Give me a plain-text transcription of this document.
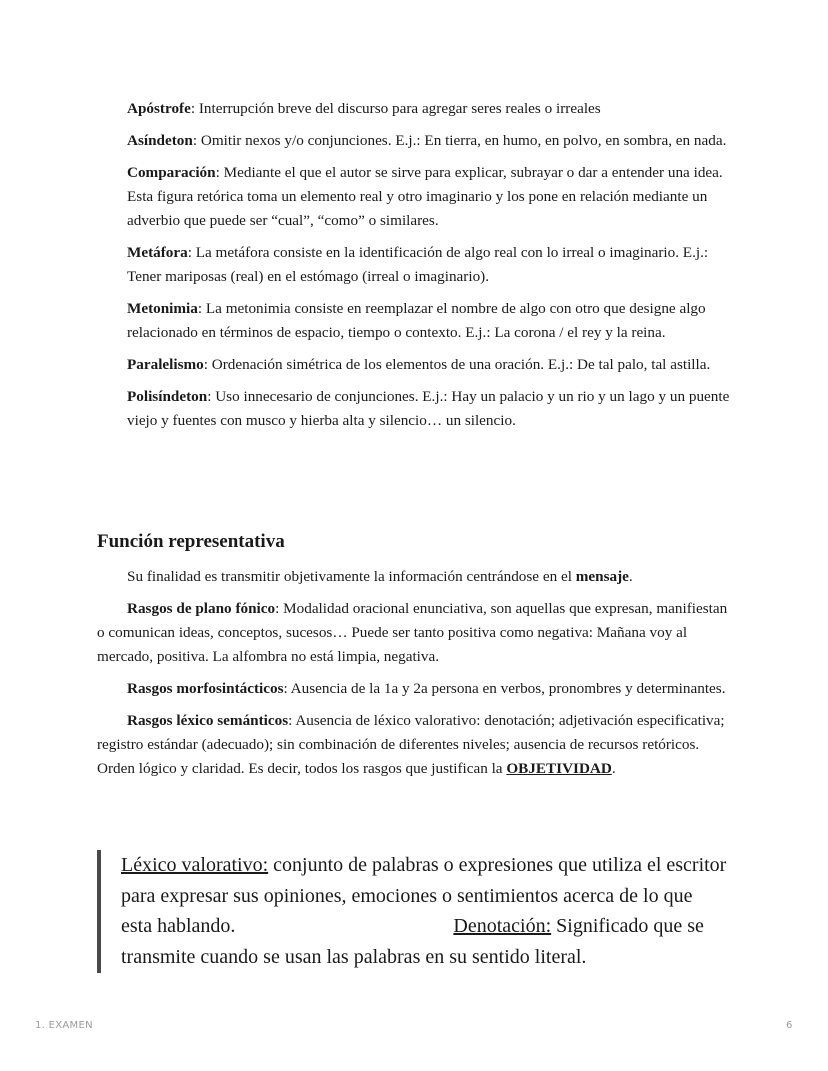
Apóstrofe: Interrupción breve del discurso para agregar seres reales o irreales

Asíndeton: Omitir nexos y/o conjunciones. E.j.: En tierra, en humo, en polvo, en sombra, en nada.

Comparación: Mediante el que el autor se sirve para explicar, subrayar o dar a entender una idea. Esta figura retórica toma un elemento real y otro imaginario y los pone en relación mediante un adverbio que puede ser “cual”, “como” o similares.

Metáfora: La metáfora consiste en la identificación de algo real con lo irreal o imaginario. E.j.: Tener mariposas (real) en el estómago (irreal o imaginario).

Metonimia: La metonimia consiste en reemplazar el nombre de algo con otro que designe algo relacionado en términos de espacio, tiempo o contexto. E.j.: La corona / el rey y la reina.

Paralelismo: Ordenación simétrica de los elementos de una oración. E.j.: De tal palo, tal astilla.

Polisíndeton: Uso innecesario de conjunciones. E.j.: Hay un palacio y un rio y un lago y un puente viejo y fuentes con musco y hierba alta y silencio… un silencio.

Función representativa

Su finalidad es transmitir objetivamente la información centrándose en el mensaje.

Rasgos de plano fónico: Modalidad oracional enunciativa, son aquellas que expresan, manifiestan o comunican ideas, conceptos, sucesos… Puede ser tanto positiva como negativa: Mañana voy al mercado, positiva. La alfombra no está limpia, negativa.

Rasgos morfosintácticos: Ausencia de la 1a y 2a persona en verbos, pronombres y determinantes.

Rasgos léxico semánticos: Ausencia de léxico valorativo: denotación; adjetivación especificativa; registro estándar (adecuado); sin combinación de diferentes niveles; ausencia de recursos retóricos. Orden lógico y claridad. Es decir, todos los rasgos que justifican la OBJETIVIDAD.

Léxico valorativo: conjunto de palabras o expresiones que utiliza el escritor para expresar sus opiniones, emociones o sentimientos acerca de lo que esta hablando.	Denotación: Significado que se transmite cuando se usan las palabras en su sentido literal.

1. EXAMEN	6
